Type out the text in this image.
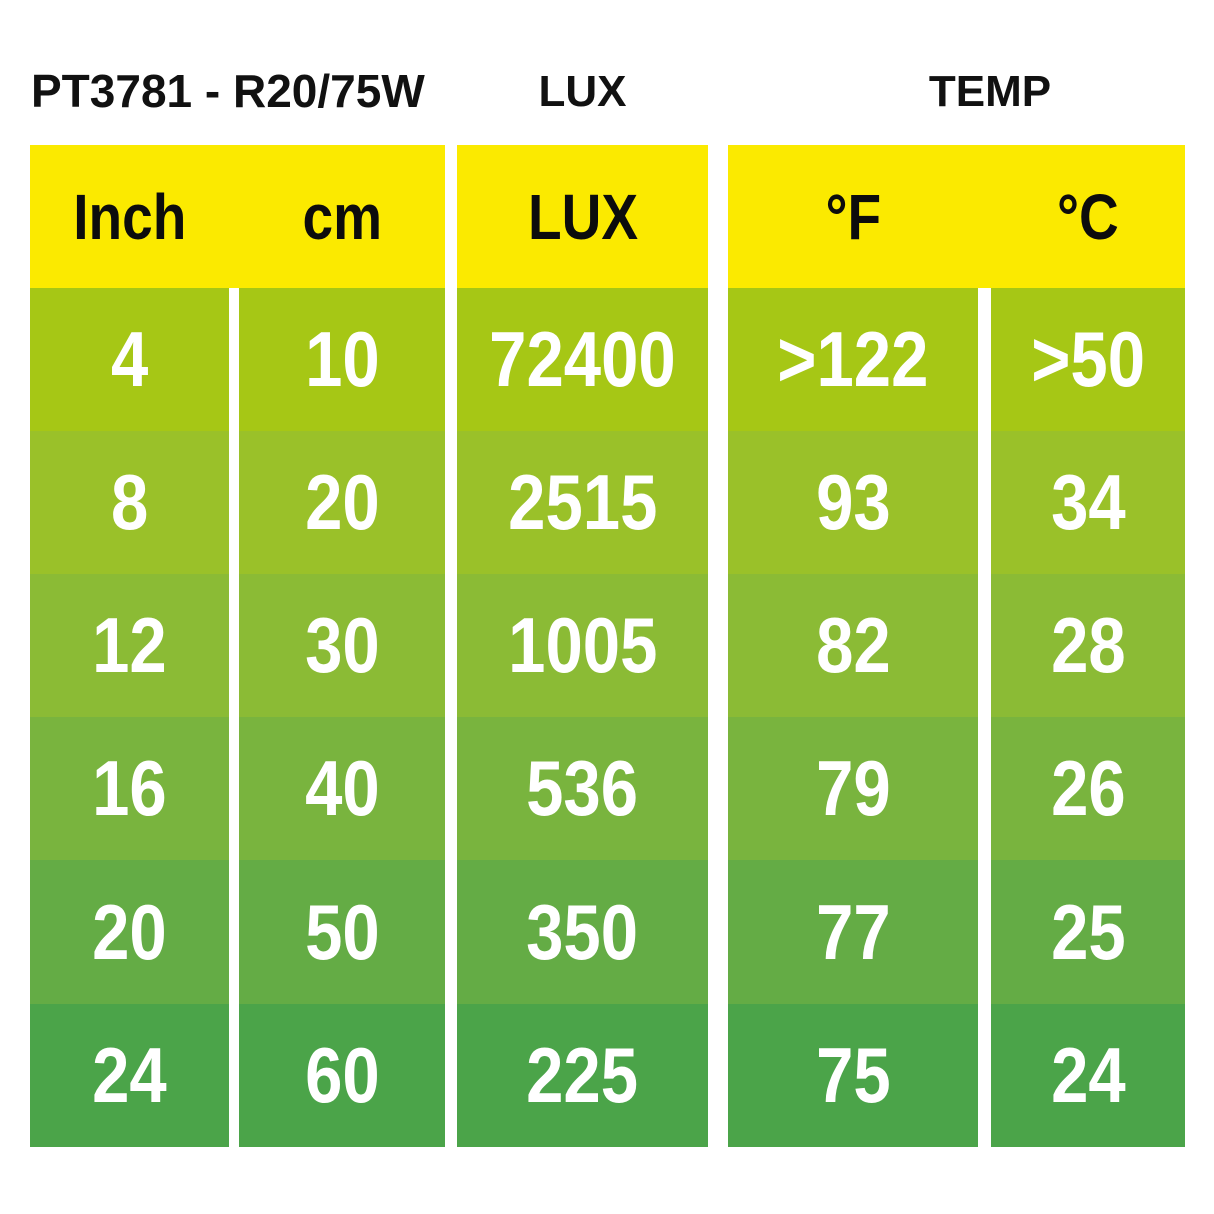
PT3781 - R20/75W	LUX	TEMP
Inch cm LUX	°F	°C
4 10 72400 >122 >50
8 20 2515 93 34
12 30 1005 82 28
16 40 536 79 26
20 50 350 77 25
24 60 225 75 24
